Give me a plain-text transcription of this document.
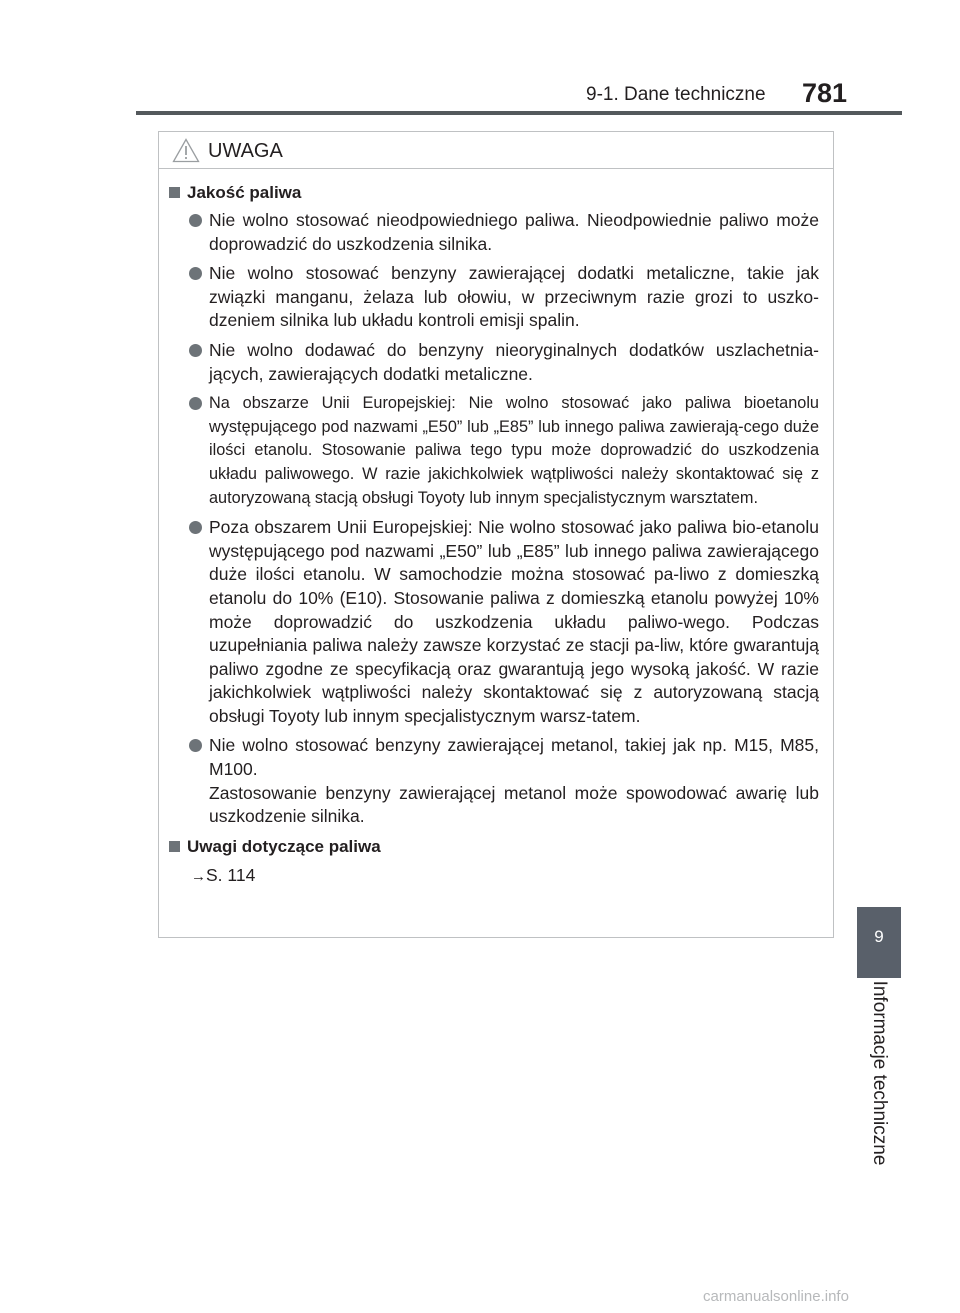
9-1. Dane techniczne 781
9
Informacje techniczne
UWAGA
Jakość paliwa

Nie wolno stosować nieodpowiedniego paliwa. Nieodpowiednie paliwo może doprowadzić do uszkodzenia silnika.

Nie wolno stosować benzyny zawierającej dodatki metaliczne, takie jak związki manganu, żelaza lub ołowiu, w przeciwnym razie grozi to uszko-dzeniem silnika lub układu kontroli emisji spalin.

Nie wolno dodawać do benzyny nieoryginalnych dodatków uszlachetnia-jących, zawierających dodatki metaliczne.

Na obszarze Unii Europejskiej: Nie wolno stosować jako paliwa bioetanolu występującego pod nazwami „E50” lub „E85” lub innego paliwa zawierają-cego duże ilości etanolu. Stosowanie paliwa tego typu może doprowadzić do uszkodzenia układu paliwowego. W razie jakichkolwiek wątpliwości należy skontaktować się z autoryzowaną stacją obsługi Toyoty lub innym specjalistycznym warsztatem.

Poza obszarem Unii Europejskiej: Nie wolno stosować jako paliwa bio-etanolu występującego pod nazwami „E50” lub „E85” lub innego paliwa zawierającego duże ilości etanolu. W samochodzie można stosować pa-liwo z domieszką etanolu do 10% (E10). Stosowanie paliwa z domieszką etanolu powyżej 10% może doprowadzić do uszkodzenia układu paliwo-wego. Podczas uzupełniania paliwa należy zawsze korzystać ze stacji pa-liw, które gwarantują paliwo zgodne ze specyfikacją oraz gwarantują jego wysoką jakość. W razie jakichkolwiek wątpliwości należy skontaktować się z autoryzowaną stacją obsługi Toyoty lub innym specjalistycznym warsz-tatem.

Nie wolno stosować benzyny zawierającej metanol, takiej jak np. M15, M85, M100.

Zastosowanie benzyny zawierającej metanol może spowodować awarię lub uszkodzenie silnika.

Uwagi dotyczące paliwa
→S. 114
carmanualsonline.info
